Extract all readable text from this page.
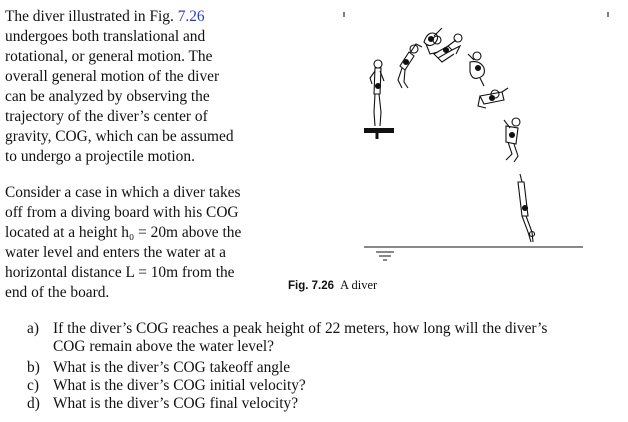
The diver illustrated in Fig. 7.26
undergoes both translational and
rotational, or general motion. The
overall general motion of the diver
can be analyzed by observing the
trajectory of the diver’s center of
gravity, COG, which can be assumed
to undergo a projectile motion.
Consider a case in which a diver takes
off from a diving board with his COG
located at a height h₀ = 20m above the
water level and enters the water at a
horizontal distance L = 10m from the
end of the board.	Fig. 7.26 A diver
a) If the diver’s COG reaches a peak height of 22 meters, how long will the diver’s
COG remain above the water level?
b) What is the diver’s COG takeoff angle
c) What is the diver’s COG initial velocity?
d) What is the diver’s COG final velocity?
